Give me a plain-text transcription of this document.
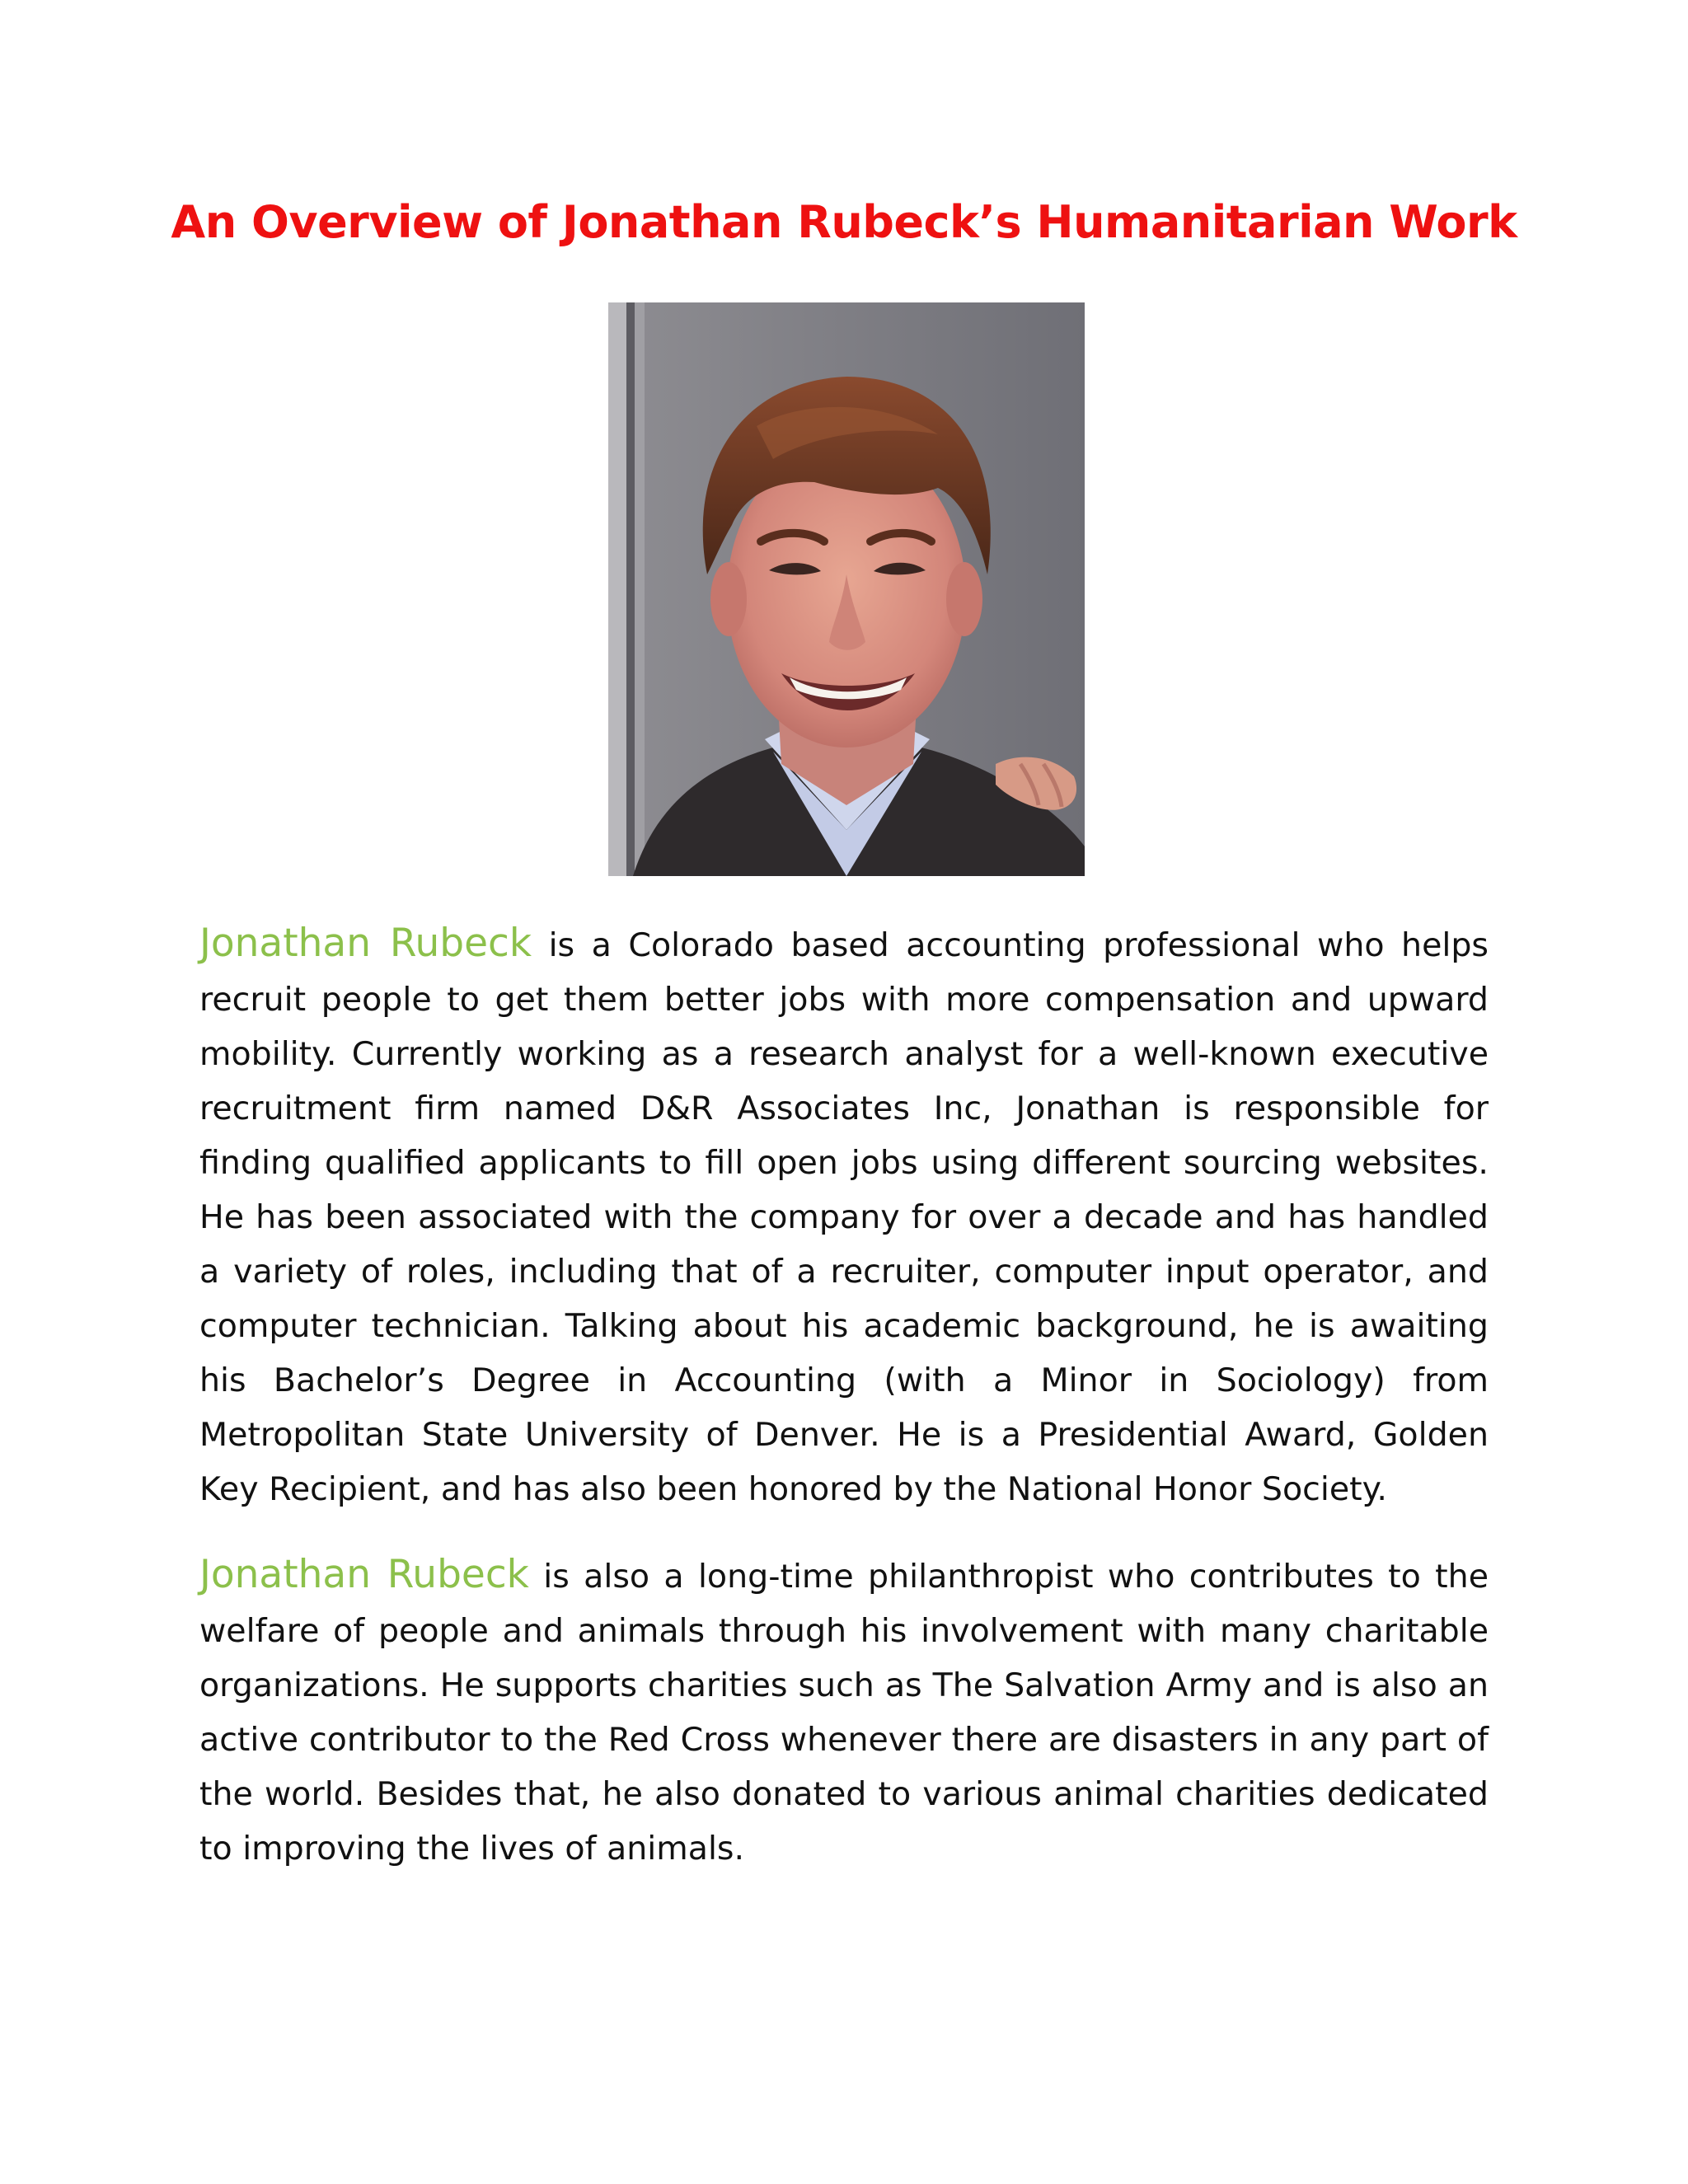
An Overview of Jonathan Rubeck’s Humanitarian Work

Jonathan Rubeck is a Colorado based accounting professional who helps recruit people to get them better jobs with more compensation and upward mobility. Currently working as a research analyst for a well-known executive recruitment firm named D&R Associates Inc, Jonathan is responsible for finding qualified applicants to fill open jobs using different sourcing websites. He has been associated with the company for over a decade and has handled a variety of roles, including that of a recruiter, computer input operator, and computer technician. Talking about his academic background, he is awaiting his Bachelor’s Degree in Accounting (with a Minor in Sociology) from Metropolitan State University of Denver. He is a Presidential Award, Golden Key Recipient, and has also been honored by the National Honor Society.

Jonathan Rubeck is also a long-time philanthropist who contributes to the welfare of people and animals through his involvement with many charitable organizations. He supports charities such as The Salvation Army and is also an active contributor to the Red Cross whenever there are disasters in any part of the world. Besides that, he also donated to various animal charities dedicated to improving the lives of animals.
